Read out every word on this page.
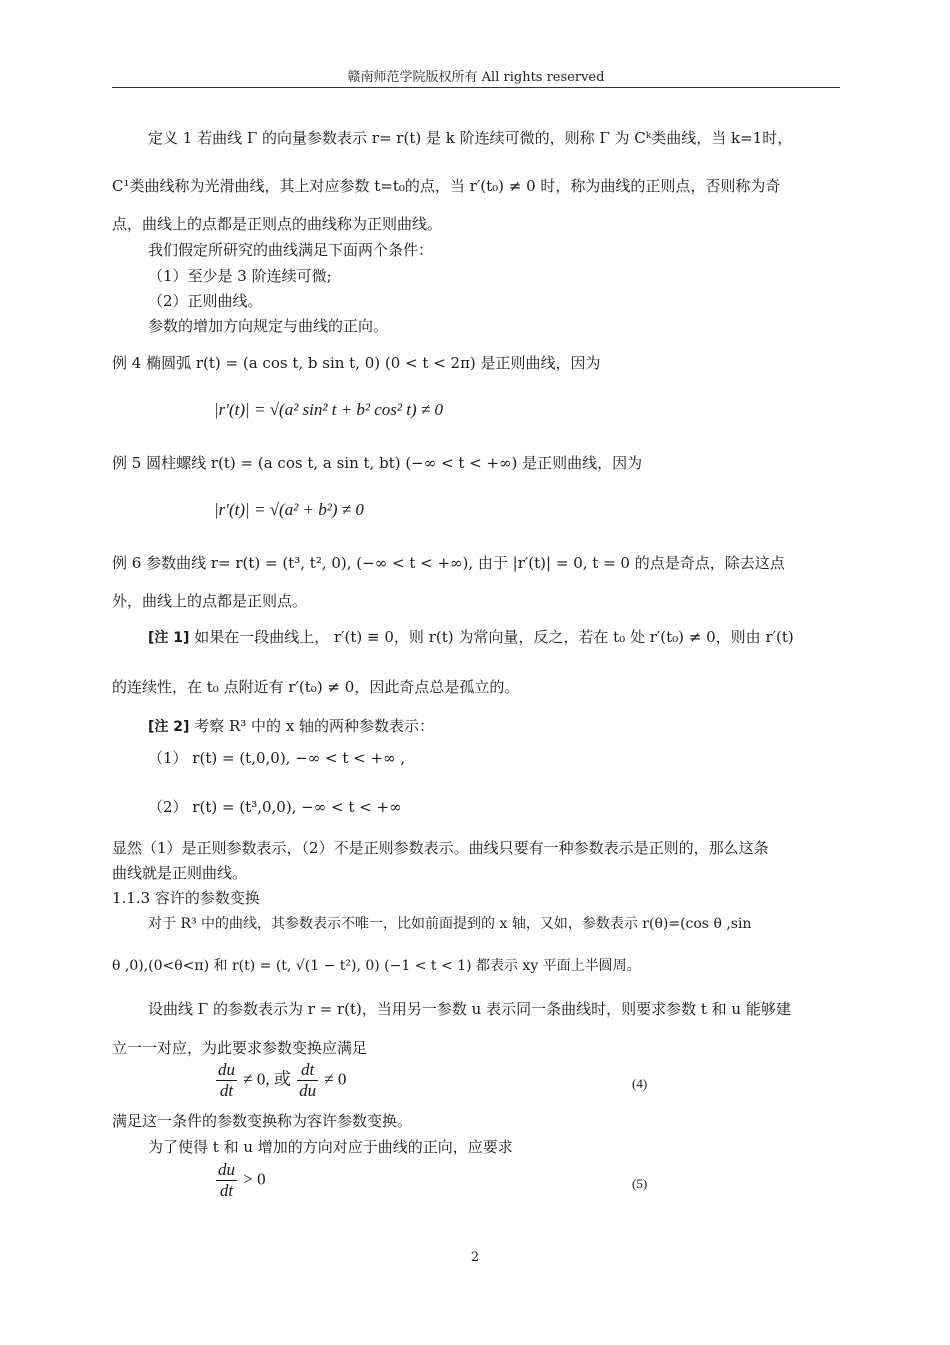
赣南师范学院版权所有 All rights reserved
定义 1 若曲线 Γ 的向量参数表示 r= r(t) 是 k 阶连续可微的，则称 Γ 为 Cᵏ类曲线，当 k=1时，
C¹类曲线称为光滑曲线，其上对应参数 t=t₀的点，当 r′(t₀) ≠ 0 时，称为曲线的正则点，否则称为奇
点，曲线上的点都是正则点的曲线称为正则曲线。
我们假定所研究的曲线满足下面两个条件：
（1）至少是 3 阶连续可微;
（2）正则曲线。
参数的增加方向规定与曲线的正向。
例 4 椭圆弧 r(t) = (a cos t, b sin t, 0) (0 < t < 2π) 是正则曲线，因为
|r′(t)| = √(a² sin² t + b² cos² t) ≠ 0
例 5 圆柱螺线 r(t) = (a cos t, a sin t, bt) (−∞ < t < +∞) 是正则曲线，因为
|r′(t)| = √(a² + b²) ≠ 0
例 6 参数曲线 r= r(t) = (t³, t², 0), (−∞ < t < +∞), 由于 |r′(t)| = 0, t = 0 的点是奇点，除去这点
外，曲线上的点都是正则点。
[注 1] 如果在一段曲线上， r′(t) ≡ 0，则 r(t) 为常向量，反之，若在 t₀ 处 r′(t₀) ≠ 0，则由 r′(t)
的连续性，在 t₀ 点附近有 r′(t₀) ≠ 0，因此奇点总是孤立的。
[注 2] 考察 R³ 中的 x 轴的两种参数表示：
（1） r(t) = (t,0,0), −∞ < t < +∞ ,
（2） r(t) = (t³,0,0), −∞ < t < +∞
显然（1）是正则参数表示，（2）不是正则参数表示。曲线只要有一种参数表示是正则的，那么这条
曲线就是正则曲线。
1.1.3 容许的参数变换
对于 R³ 中的曲线，其参数表示不唯一，比如前面提到的 x 轴，又如，参数表示 r(θ)=(cos θ ,sin
θ ,0),(0<θ<π) 和 r(t) = (t, √(1 − t²), 0) (−1 < t < 1) 都表示 xy 平面上半圆周。
设曲线 Γ 的参数表示为 r = r(t)，当用另一参数 u 表示同一条曲线时，则要求参数 t 和 u 能够建
立一一对应，为此要求参数变换应满足
$\frac{du}{dt} \ne 0$, 或 $\frac{dt}{du} \ne 0$	(4)
满足这一条件的参数变换称为容许参数变换。
为了使得 t 和 u 增加的方向对应于曲线的正向，应要求
$\frac{du}{dt} > 0$	(5)
2
